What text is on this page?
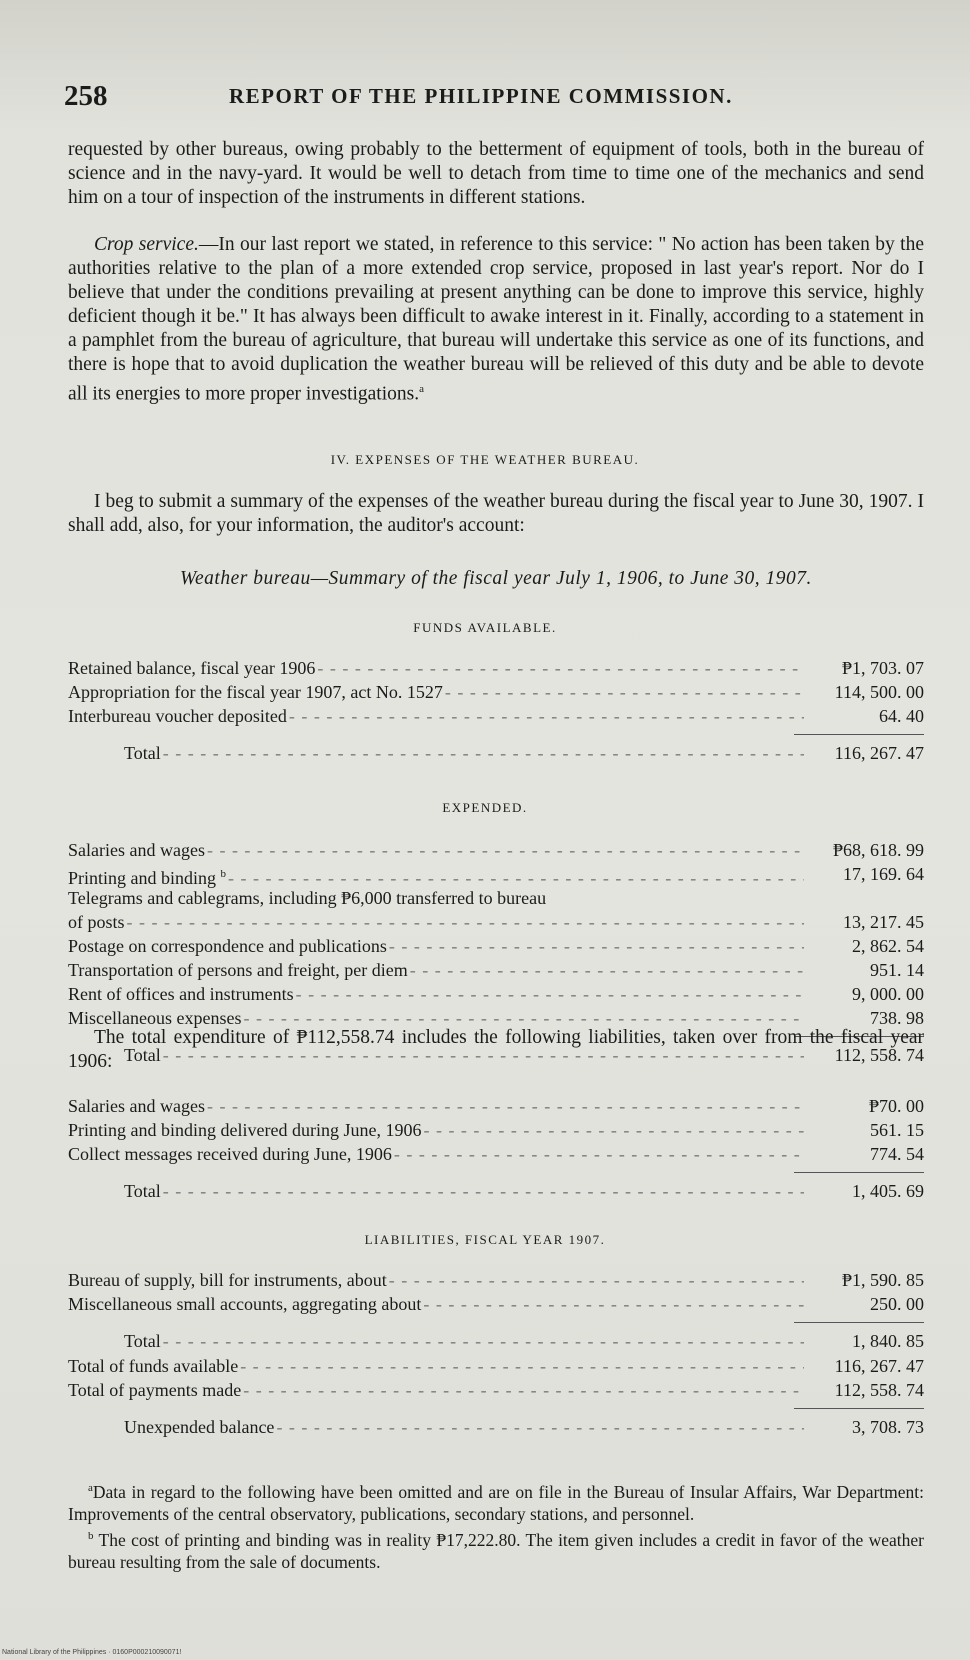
258	REPORT OF THE PHILIPPINE COMMISSION.
requested by other bureaus, owing probably to the betterment of equipment of tools, both in the bureau of science and in the navy-yard. It would be well to detach from time to time one of the mechanics and send him on a tour of inspection of the instruments in different stations.
Crop service.—In our last report we stated, in reference to this service: " No action has been taken by the authorities relative to the plan of a more extended crop service, proposed in last year's report. Nor do I believe that under the conditions prevailing at present anything can be done to improve this service, highly deficient though it be." It has always been difficult to awake interest in it. Finally, according to a statement in a pamphlet from the bureau of agriculture, that bureau will undertake this service as one of its functions, and there is hope that to avoid duplication the weather bureau will be relieved of this duty and be able to devote all its energies to more proper investigations.$^a$
IV. EXPENSES OF THE WEATHER BUREAU.
I beg to submit a summary of the expenses of the weather bureau during the fiscal year to June 30, 1907. I shall add, also, for your information, the auditor's account:
Weather bureau—Summary of the fiscal year July 1, 1906, to June 30, 1907.
FUNDS AVAILABLE.
Retained balance, fiscal year 1906 - - -	₱1, 703. 07
Appropriation for the fiscal year 1907, act No. 1527 - - -	114, 500. 00
Interbureau voucher deposited - - -	64. 40
Total - - -	116, 267. 47
EXPENDED.
Salaries and wages - - -	₱68, 618. 99
Printing and binding $^b$ - - -	17, 169. 64
Telegrams and cablegrams, including ₱6,000 transferred to bureau
of posts - - -	13, 217. 45
Postage on correspondence and publications - - -	2, 862. 54
Transportation of persons and freight, per diem - - -	951. 14
Rent of offices and instruments - - -	9, 000. 00
Miscellaneous expenses - - -	738. 98
Total - - -	112, 558. 74
The total expenditure of ₱112,558.74 includes the following liabilities, taken over from the fiscal year 1906:
Salaries and wages - - -	₱70. 00
Printing and binding delivered during June, 1906 - - -	561. 15
Collect messages received during June, 1906 - - -	774. 54
Total - - -	1, 405. 69
LIABILITIES, FISCAL YEAR 1907.
Bureau of supply, bill for instruments, about - - -	₱1, 590. 85
Miscellaneous small accounts, aggregating about - - -	250. 00
Total - - -	1, 840. 85
Total of funds available - - -	116, 267. 47
Total of payments made - - -	112, 558. 74
Unexpended balance - - -	3, 708. 73

$^a$Data in regard to the following have been omitted and are on file in the Bureau of Insular Affairs, War Department: Improvements of the central observatory, publications, secondary stations, and personnel.

$^b$ The cost of printing and binding was in reality ₱17,222.80. The item given includes a credit in favor of the weather bureau resulting from the sale of documents.

National Library of the Philippines · 0160P000210090071!
